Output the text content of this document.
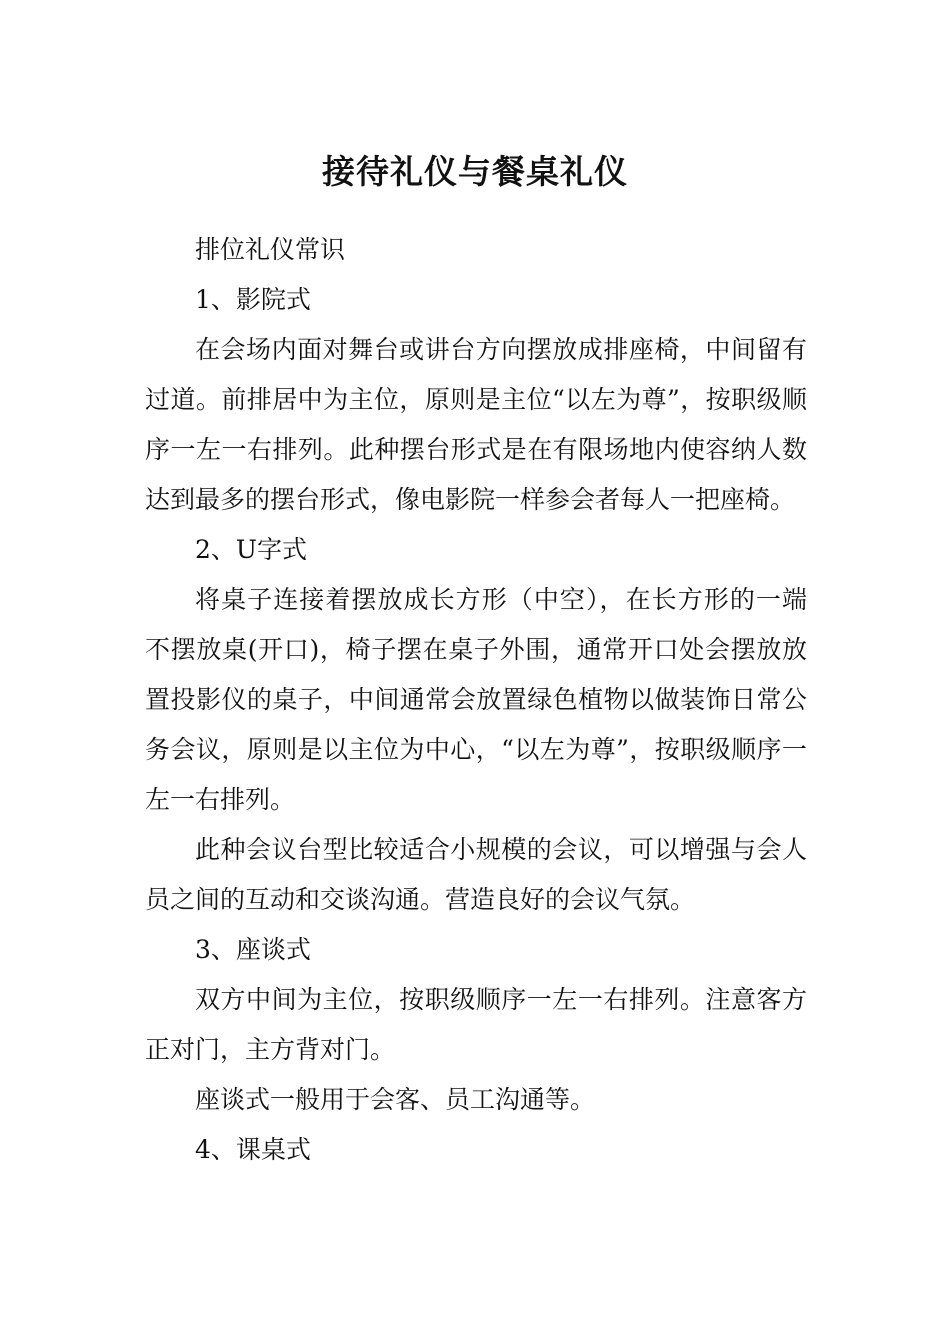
接待礼仪与餐桌礼仪

排位礼仪常识

1、影院式

在会场内面对舞台或讲台方向摆放成排座椅，中间留有过道。前排居中为主位，原则是主位“以左为尊”，按职级顺序一左一右排列。此种摆台形式是在有限场地内使容纳人数达到最多的摆台形式，像电影院一样参会者每人一把座椅。

2、U字式

将桌子连接着摆放成长方形（中空），在长方形的一端不摆放桌(开口)，椅子摆在桌子外围，通常开口处会摆放放置投影仪的桌子，中间通常会放置绿色植物以做装饰日常公务会议，原则是以主位为中心，“以左为尊”，按职级顺序一左一右排列。

此种会议台型比较适合小规模的会议，可以增强与会人员之间的互动和交谈沟通。营造良好的会议气氛。

3、座谈式

双方中间为主位，按职级顺序一左一右排列。注意客方正对门，主方背对门。

座谈式一般用于会客、员工沟通等。

4、课桌式
